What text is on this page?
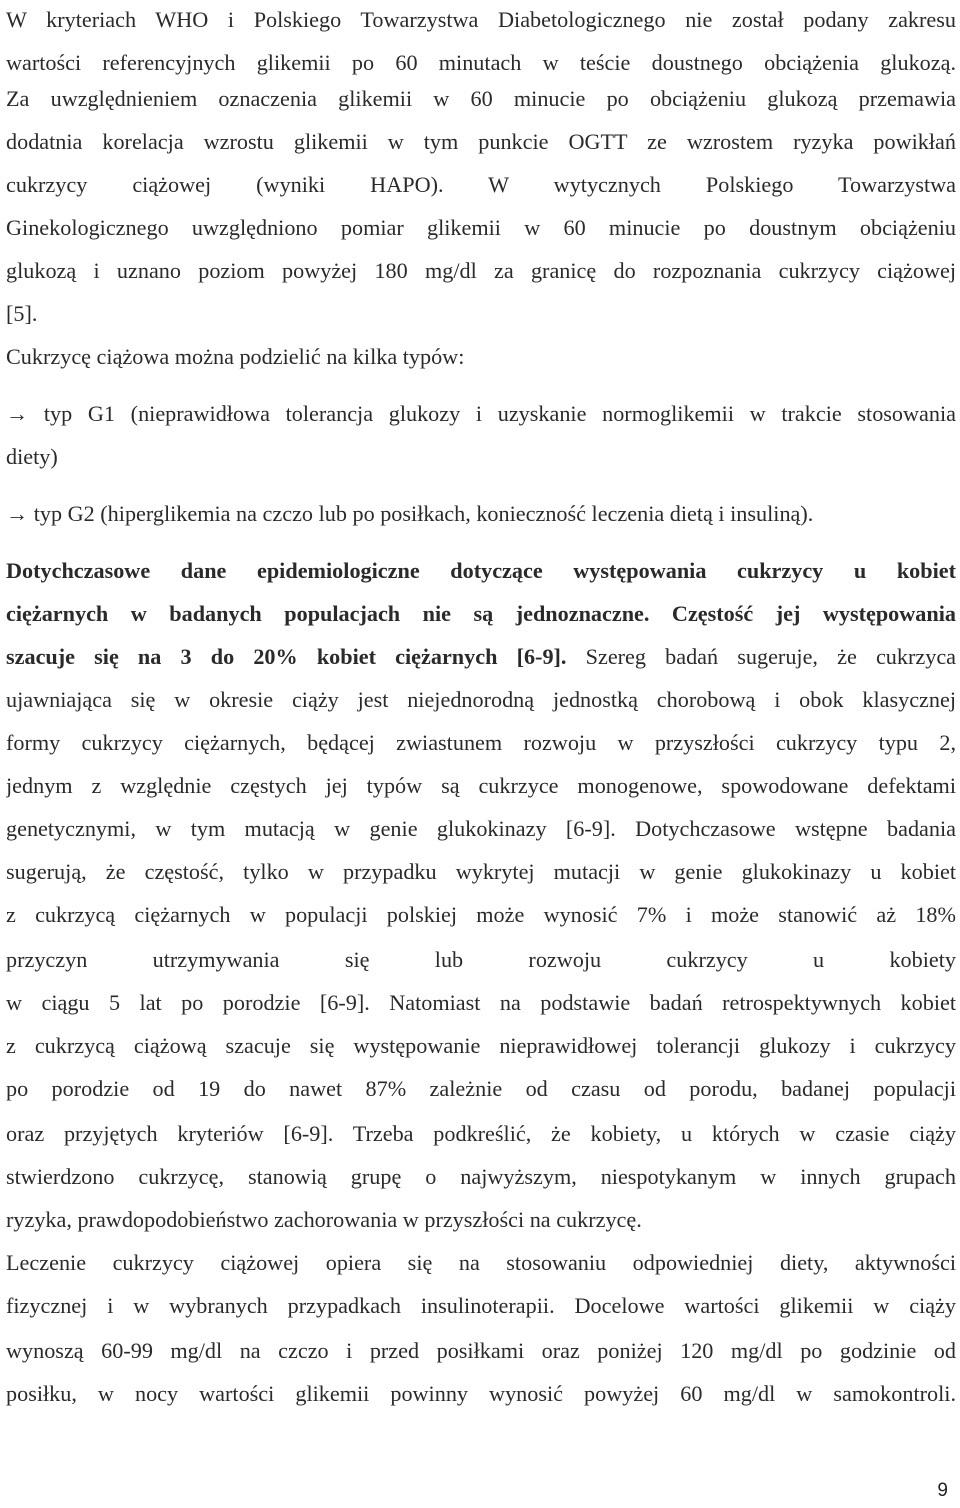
W kryteriach WHO i Polskiego Towarzystwa Diabetologicznego nie został podany zakresu
wartości referencyjnych glikemii po 60 minutach w teście doustnego obciążenia glukozą.
Za uwzględnieniem oznaczenia glikemii w 60 minucie po obciążeniu glukozą przemawia
dodatnia korelacja wzrostu glikemii w tym punkcie OGTT ze wzrostem ryzyka powikłań
cukrzycy ciążowej (wyniki HAPO). W wytycznych Polskiego Towarzystwa
Ginekologicznego uwzględniono pomiar glikemii w 60 minucie po doustnym obciążeniu
glukozą i uznano poziom powyżej 180 mg/dl za granicę do rozpoznania cukrzycy ciążowej
[5].
Cukrzycę ciążowa można podzielić na kilka typów:
→ typ G1 (nieprawidłowa tolerancja glukozy i uzyskanie normoglikemii w trakcie stosowania
diety)
→ typ G2 (hiperglikemia na czczo lub po posiłkach, konieczność leczenia dietą i insuliną).
Dotychczasowe dane epidemiologiczne dotyczące występowania cukrzycy u kobiet
ciężarnych w badanych populacjach nie są jednoznaczne. Częstość jej występowania
szacuje się na 3 do 20% kobiet ciężarnych [6-9]. Szereg badań sugeruje, że cukrzyca
ujawniająca się w okresie ciąży jest niejednorodną jednostką chorobową i obok klasycznej
formy cukrzycy ciężarnych, będącej zwiastunem rozwoju w przyszłości cukrzycy typu 2,
jednym z względnie częstych jej typów są cukrzyce monogenowe, spowodowane defektami
genetycznymi, w tym mutacją w genie glukokinazy [6-9]. Dotychczasowe wstępne badania
sugerują, że częstość, tylko w przypadku wykrytej mutacji w genie glukokinazy u kobiet
z cukrzycą ciężarnych w populacji polskiej może wynosić 7% i może stanowić aż 18%
przyczyn utrzymywania się lub rozwoju cukrzycy u kobiety
w ciągu 5 lat po porodzie [6-9]. Natomiast na podstawie badań retrospektywnych kobiet
z cukrzycą ciążową szacuje się występowanie nieprawidłowej tolerancji glukozy i cukrzycy
po porodzie od 19 do nawet 87% zależnie od czasu od porodu, badanej populacji
oraz przyjętych kryteriów [6-9]. Trzeba podkreślić, że kobiety, u których w czasie ciąży
stwierdzono cukrzycę, stanowią grupę o najwyższym, niespotykanym w innych grupach
ryzyka, prawdopodobieństwo zachorowania w przyszłości na cukrzycę.
Leczenie cukrzycy ciążowej opiera się na stosowaniu odpowiedniej diety, aktywności
fizycznej i w wybranych przypadkach insulinoterapii. Docelowe wartości glikemii w ciąży
wynoszą 60-99 mg/dl na czczo i przed posiłkami oraz poniżej 120 mg/dl po godzinie od
posiłku, w nocy wartości glikemii powinny wynosić powyżej 60 mg/dl w samokontroli.
9
